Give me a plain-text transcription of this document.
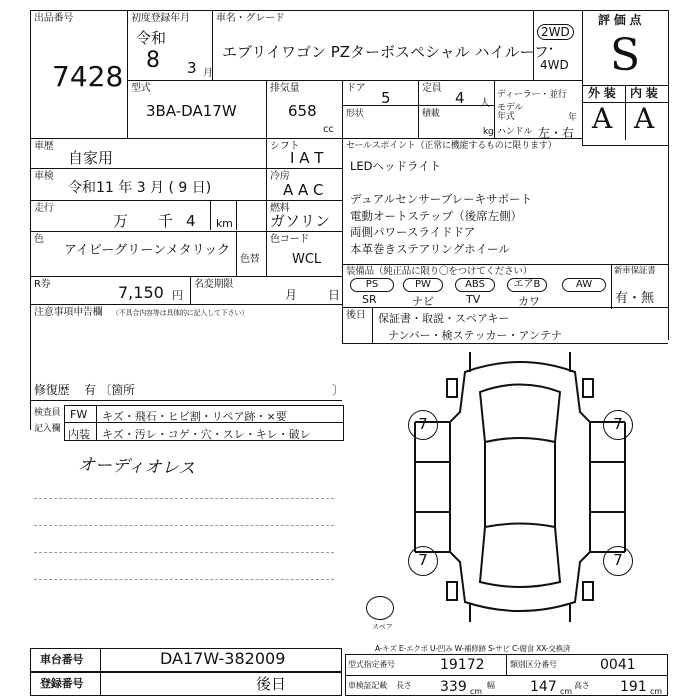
出品番号
7428
初度登録年月
令和
8 3 月
車名・グレード
エブリイワゴン PZターボスペシャル ハイルーフ
2WD
・
4WD
評 価 点
S
外 装 内 装
A A
型式
3BA-DA17W
排気量
658
cc
ドア
5
定員
4 人
ディーラー・並行
モデル
年式	年
形状	積載
kg ハンドル 左・右
車歴
自家用
シフト
I A T
車検
令和11 年 3 月 ( 9 日)
冷房
A A C
走行
万 千 4 km
燃料
ガソリン
色
アイビーグリーンメタリック
色替
色コード
WCL
R券	7,150 円
名変期限
月	日
注意事項申告欄 （不具合内容等は具体的に記入して下さい）
修復歴 有 〔箇所	〕
セールスポイント（正常に機能するものに限ります）
LEDヘッドライト
デュアルセンサーブレーキサポート
電動オートステップ（後席左側）
両側パワースライドドア
本革巻きステアリングホイール
装備品（純正品に限り〇をつけてください）	新車保証書
有・無
PS	PW	ABS	エアB	AW
SR	ナビ	TV	カワ
後日 保証書・取説・スペアキー
ナンバー・検ステッカー・アンテナ
検査員
記入欄
FW キズ・飛石・ヒビ割・リペア跡・×要
内装 キズ・汚レ・コゲ・穴・スレ・キレ・破レ
オーディオレス
7	7
7	7
スペア
A-キズ E-エクボ U-凹み W-補修跡 S-サビ C-腐食 XX-交換済
車台番号	DA17W-382009
登録番号	後日
型式指定番号	19172	類別区分番号	0041
車検証記載 長さ 339 cm
幅	147 cm
高さ 191 cm
